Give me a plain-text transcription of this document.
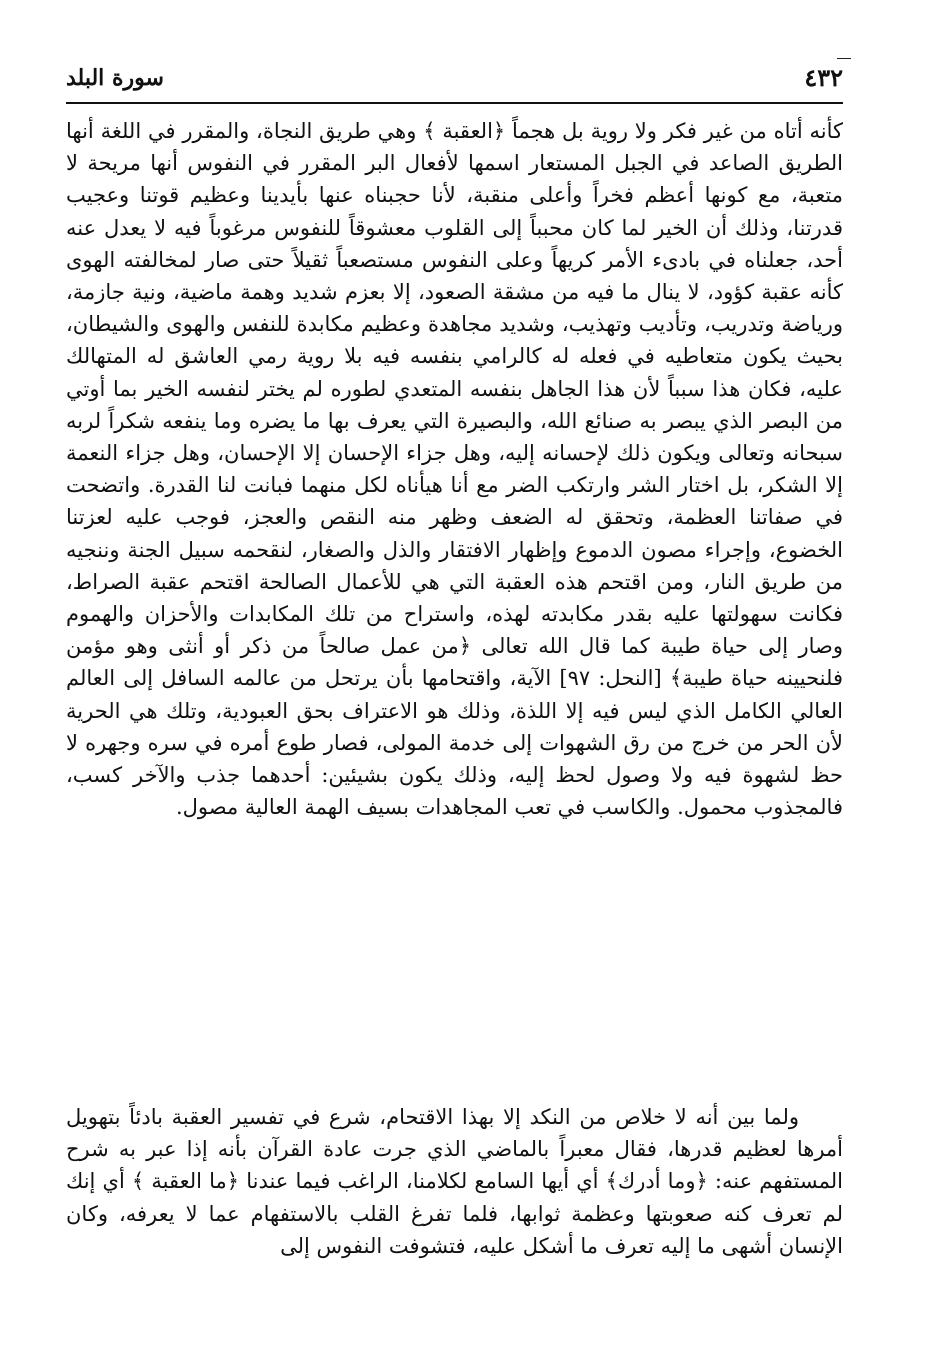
٤٣٢
سورة البلد

كأنه أتاه من غير فكر ولا روية بل هجماً ﴿العقبة ﴾ وهي طريق النجاة، والمقرر في اللغة أنها الطريق الصاعد في الجبل المستعار اسمها لأفعال البر المقرر في النفوس أنها مريحة لا متعبة، مع كونها أعظم فخراً وأعلى منقبة، لأنا حجبناه عنها بأيدينا وعظيم قوتنا وعجيب قدرتنا، وذلك أن الخير لما كان محبباً إلى القلوب معشوقاً للنفوس مرغوباً فيه لا يعدل عنه أحد، جعلناه في بادىء الأمر كريهاً وعلى النفوس مستصعباً ثقيلاً حتى صار لمخالفته الهوى كأنه عقبة كؤود، لا ينال ما فيه من مشقة الصعود، إلا بعزم شديد وهمة ماضية، ونية جازمة، ورياضة وتدريب، وتأديب وتهذيب، وشديد مجاهدة وعظيم مكابدة للنفس والهوى والشيطان، بحيث يكون متعاطيه في فعله له كالرامي بنفسه فيه بلا روية رمي العاشق له المتهالك عليه، فكان هذا سبباً لأن هذا الجاهل بنفسه المتعدي لطوره لم يختر لنفسه الخير بما أوتي من البصر الذي يبصر به صنائع الله، والبصيرة التي يعرف بها ما يضره وما ينفعه شكراً لربه سبحانه وتعالى ويكون ذلك لإحسانه إليه، وهل جزاء الإحسان إلا الإحسان، وهل جزاء النعمة إلا الشكر، بل اختار الشر وارتكب الضر مع أنا هيأناه لكل منهما فبانت لنا القدرة. واتضحت في صفاتنا العظمة، وتحقق له الضعف وظهر منه النقص والعجز، فوجب عليه لعزتنا الخضوع، وإجراء مصون الدموع وإظهار الافتقار والذل والصغار، لنقحمه سبيل الجنة وننجيه من طريق النار، ومن اقتحم هذه العقبة التي هي للأعمال الصالحة اقتحم عقبة الصراط، فكانت سهولتها عليه بقدر مكابدته لهذه، واستراح من تلك المكابدات والأحزان والهموم وصار إلى حياة طيبة كما قال الله تعالى ﴿من عمل صالحاً من ذكر أو أنثى وهو مؤمن فلنحيينه حياة طيبة﴾ [النحل: ٩٧] الآية، واقتحامها بأن يرتحل من عالمه السافل إلى العالم العالي الكامل الذي ليس فيه إلا اللذة، وذلك هو الاعتراف بحق العبودية، وتلك هي الحرية لأن الحر من خرج من رق الشهوات إلى خدمة المولى، فصار طوع أمره في سره وجهره لا حظ لشهوة فيه ولا وصول لحظ إليه، وذلك يكون بشيئين: أحدهما جذب والآخر كسب، فالمجذوب محمول. والكاسب في تعب المجاهدات بسيف الهمة العالية مصول.

ولما بين أنه لا خلاص من النكد إلا بهذا الاقتحام، شرع في تفسير العقبة بادئاً بتهويل أمرها لعظيم قدرها، فقال معبراً بالماضي الذي جرت عادة القرآن بأنه إذا عبر به شرح المستفهم عنه: ﴿وما أدرك﴾ أي أيها السامع لكلامنا، الراغب فيما عندنا ﴿ما العقبة ﴾ أي إنك لم تعرف كنه صعوبتها وعظمة ثوابها، فلما تفرغ القلب بالاستفهام عما لا يعرفه، وكان الإنسان أشهى ما إليه تعرف ما أشكل عليه، فتشوفت النفوس إلى
